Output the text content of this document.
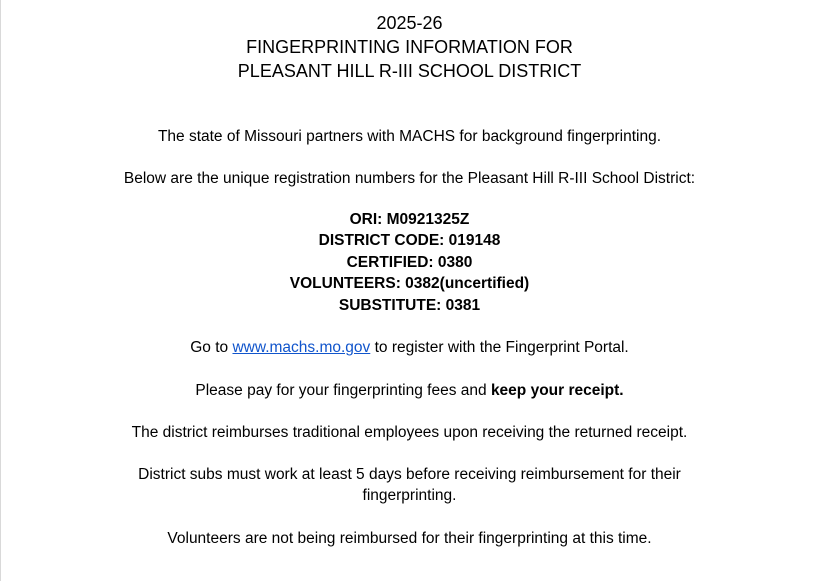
2025-26
FINGERPRINTING INFORMATION FOR
PLEASANT HILL R-III SCHOOL DISTRICT
The state of Missouri partners with MACHS for background fingerprinting.
Below are the unique registration numbers for the Pleasant Hill R-III School District:
ORI: M0921325Z
DISTRICT CODE: 019148
CERTIFIED: 0380
VOLUNTEERS: 0382(uncertified)
SUBSTITUTE: 0381
Go to www.machs.mo.gov to register with the Fingerprint Portal.
Please pay for your fingerprinting fees and keep your receipt.
The district reimburses traditional employees upon receiving the returned receipt.
District subs must work at least 5 days before receiving reimbursement for their
fingerprinting.
Volunteers are not being reimbursed for their fingerprinting at this time.
